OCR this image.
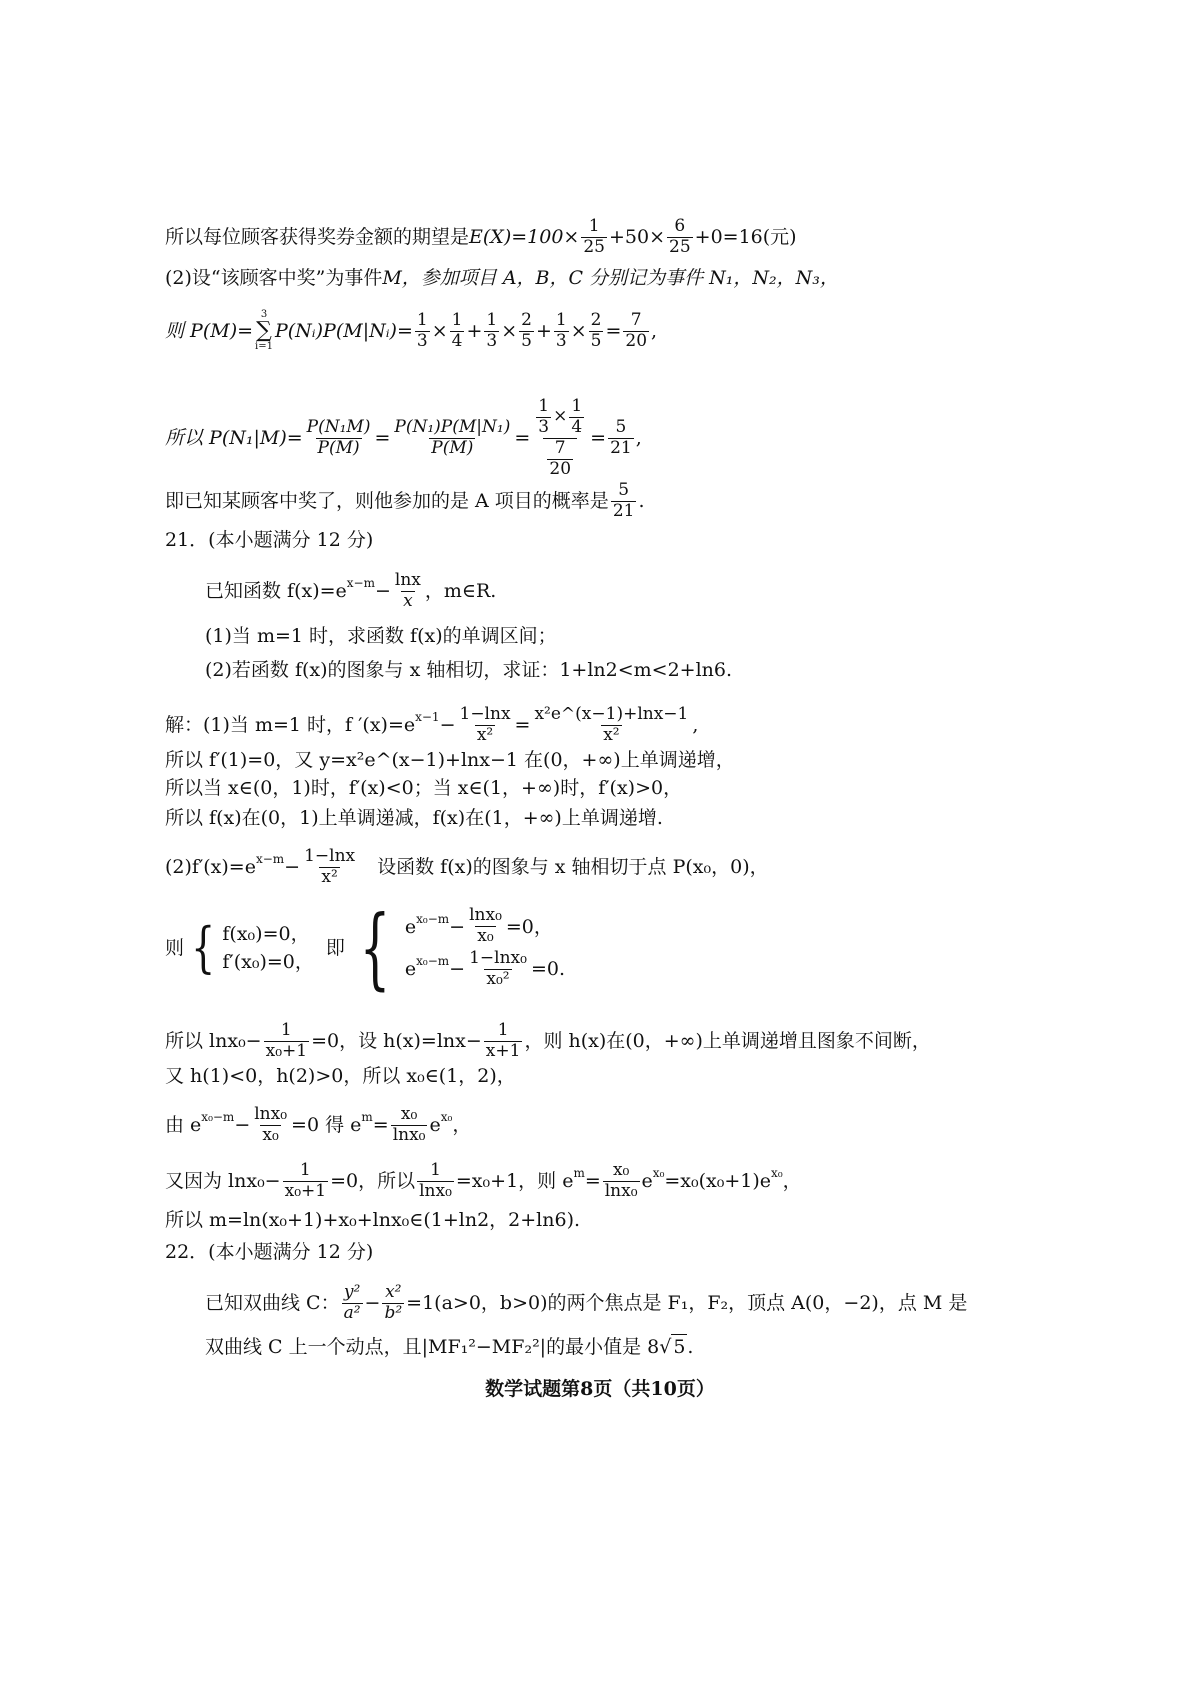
所以每位顾客获得奖券金额的期望是 $E(X)=100\times \frac{1}{25} +50\times \frac{6}{25} +0=16$(元)
(2)设“该顾客中奖”为事件 M，参加项目 A，B，C 分别记为事件 N₁，N₂，N₃，
则 P(M)=
3
∑
i=1
P(Nᵢ)P(M|Nᵢ)= $\frac{1}{3} \times \frac{1}{4} + \frac{1}{3} \times \frac{2}{5} + \frac{1}{3} \times \frac{2}{5} = \frac{7}{20}$ ,
所以 $P(N_1|M)= \frac{\text{P(N₁M)}}{P(M)} = \frac{\text{P(N₁)P(M|N₁)}}{P(M)} = \frac{\frac{1}{3} \times \frac{1}{4}}{\frac{7}{20}} = \frac{5}{21}$ ,
即已知某顾客中奖了，则他参加的是 A 项目的概率是 $\frac{5}{21}$ .
21．(本小题满分 12 分)
已知函数 f(x)=e $x-m - \frac{\ln x}{x}$ ，m∈R.
(1)当 m=1 时，求函数 f(x)的单调区间；
(2)若函数 f(x)的图象与 x 轴相切，求证：1+ln2<m<2+ln6.
解：(1)当 m=1 时，f ′(x)=e $x-1 - \frac{1-\ln x}{\text{x²}} = \frac{\text{x²e\textasciicircum{}(x−1)+lnx−1}}{\text{x²}}$ ,
所以 f′(1)=0，又 y=x²e^(x−1)+lnx−1 在(0，+∞)上单调递增，
所以当 x∈(0，1)时，f′(x)<0；当 x∈(1，+∞)时，f′(x)>0，
所以 f(x)在(0，1)上单调递减，f(x)在(1，+∞)上单调递增.
(2)f′(x)=e $x-m - \frac{1-\ln x}{\text{x²}}$ 设函数 f(x)的图象与 x 轴相切于点 P(x₀，0)，
则 { f(x₀)=0，
f′(x₀)=0，
即 { e $x_0-m - \frac{\text{lnx₀}}{\text{x₀}} =0$，
e $x_0-m - \frac{\text{1−lnx₀}}{\text{x₀²}} =0$.
所以 $\ln x_0- \frac{1}{\text{x₀+1}} =0$，设 $h(x)=\ln x- \frac{1}{x+1}$ ，则 h(x)在(0，+∞)上单调递增且图象不间断，
又 h(1)<0，h(2)>0，所以 x₀∈(1，2)，
由 e $x_0-m - \frac{\text{lnx₀}}{\text{x₀}} =0$ 得 e $m = \frac{\text{x₀}}{\text{lnx₀}}$ e x₀ ，
又因为 $\ln x_0- \frac{1}{\text{x₀+1}} =0$，所以 $\frac{1}{\text{lnx₀}} =x_0+1$，则 e $m = \frac{\text{x₀}}{\text{lnx₀}}$ e x₀ =x₀(x₀+1)e x₀ ，
所以 m=ln(x₀+1)+x₀+lnx₀∈(1+ln2，2+ln6).
22．(本小题满分 12 分)
已知双曲线 C： $\frac{\text{y²}}{\text{a²}} - \frac{\text{x²}}{\text{b²}} =1(a>0$，b>0)的两个焦点是 F₁，F₂，顶点 A(0，−2)，点 M 是
双曲线 C 上一个动点，且|MF₁²−MF₂²|的最小值是 8 √ 5 .
数学试题第8页（共10页）
